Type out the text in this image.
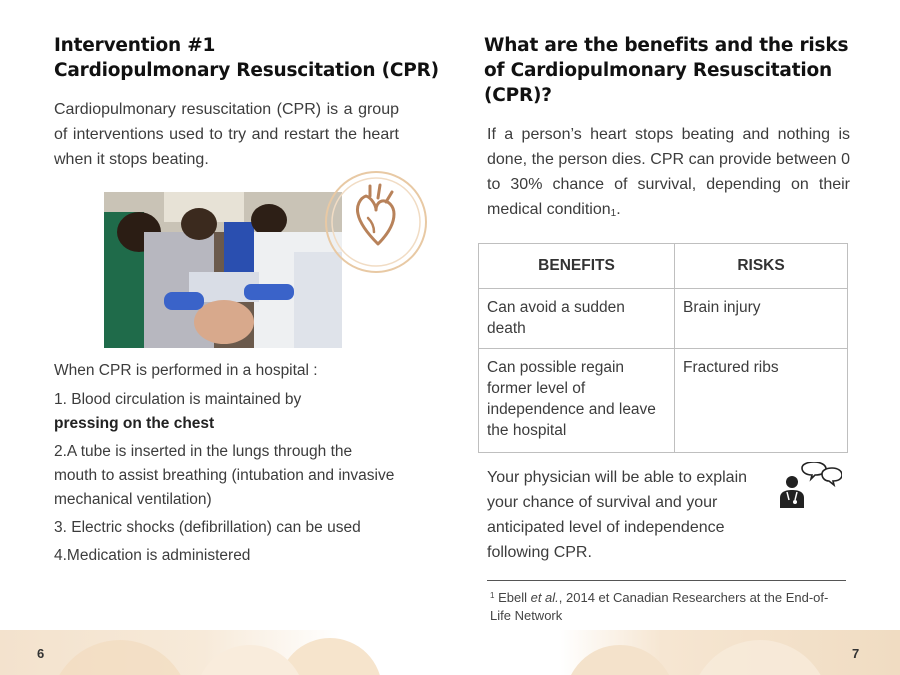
Intervention #1
Cardiopulmonary Resuscitation (CPR)
Cardiopulmonary resuscitation (CPR) is a group of interventions used to try and restart the heart when it stops beating.
When CPR is performed in a hospital :
1. Blood circulation is maintained by
pressing on the chest
2.A tube is inserted in the lungs through the mouth to assist breathing (intubation and invasive mechanical ventilation)
3. Electric shocks (defibrillation) can be used
4.Medication is administered
What are the benefits and the risks
of Cardiopulmonary Resuscitation
(CPR)?
If a person’s heart stops beating and nothing is done, the person dies. CPR can provide between 0 to 30% chance of survival, depending on their medical condition$_1$.
BENEFITS	RISKS
Can avoid a sudden death	Brain injury
Can possible regain former level of independence and leave the hospital	Fractured ribs
Your physician will be able to explain your chance of survival and your anticipated level of independence following CPR.
$^1$ Ebell et al., 2014 et Canadian Researchers at the End-of-Life Network
6	7
